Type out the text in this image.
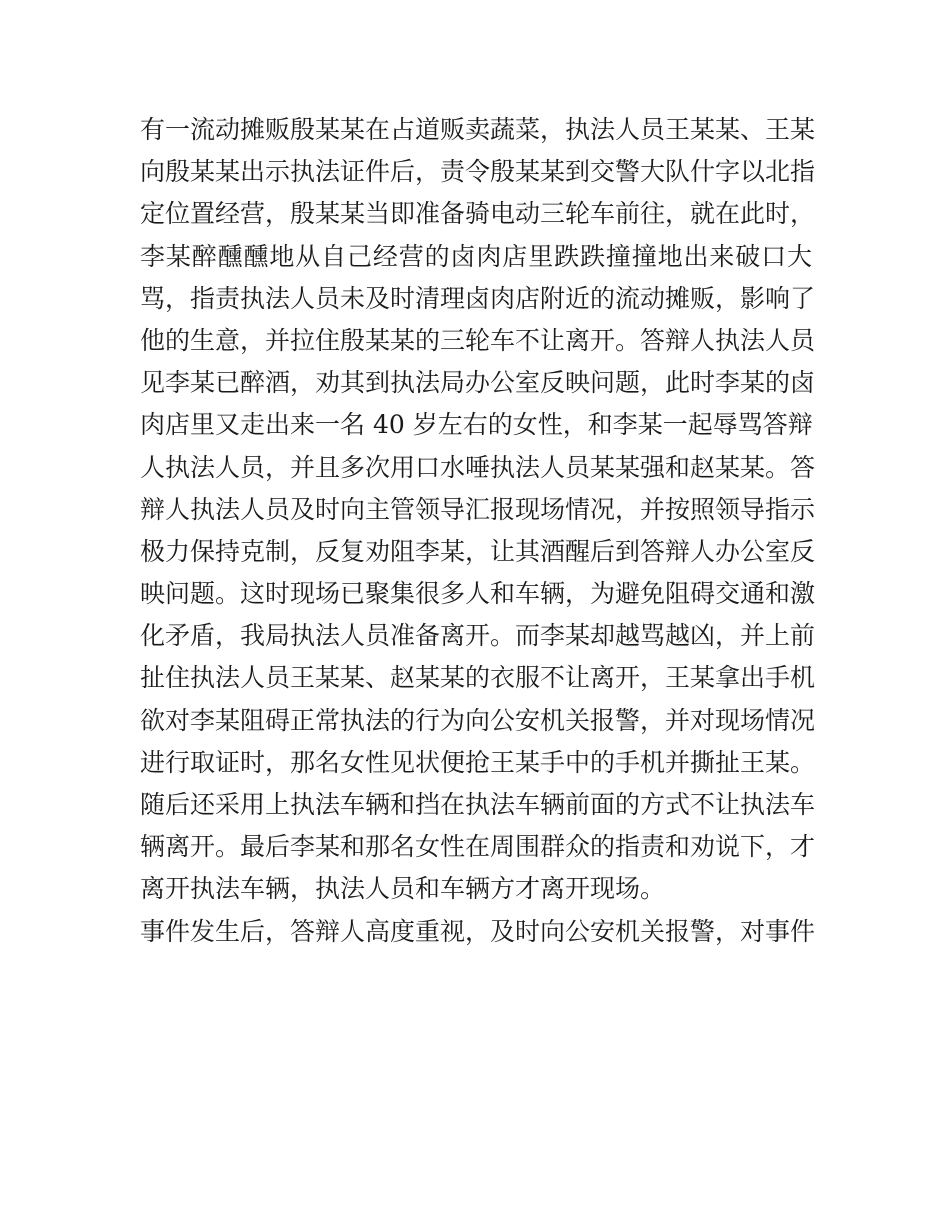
有一流动摊贩殷某某在占道贩卖蔬菜，执法人员王某某、王某
向殷某某出示执法证件后，责令殷某某到交警大队什字以北指
定位置经营，殷某某当即准备骑电动三轮车前往，就在此时，
李某醉醺醺地从自己经营的卤肉店里跌跌撞撞地出来破口大
骂，指责执法人员未及时清理卤肉店附近的流动摊贩，影响了
他的生意，并拉住殷某某的三轮车不让离开。答辩人执法人员
见李某已醉酒，劝其到执法局办公室反映问题，此时李某的卤
肉店里又走出来一名 40 岁左右的女性，和李某一起辱骂答辩
人执法人员，并且多次用口水唾执法人员某某强和赵某某。答
辩人执法人员及时向主管领导汇报现场情况，并按照领导指示
极力保持克制，反复劝阻李某，让其酒醒后到答辩人办公室反
映问题。这时现场已聚集很多人和车辆，为避免阻碍交通和激
化矛盾，我局执法人员准备离开。而李某却越骂越凶，并上前
扯住执法人员王某某、赵某某的衣服不让离开，王某拿出手机
欲对李某阻碍正常执法的行为向公安机关报警，并对现场情况
进行取证时，那名女性见状便抢王某手中的手机并撕扯王某。
随后还采用上执法车辆和挡在执法车辆前面的方式不让执法车
辆离开。最后李某和那名女性在周围群众的指责和劝说下，才
离开执法车辆，执法人员和车辆方才离开现场。
事件发生后，答辩人高度重视，及时向公安机关报警，对事件
